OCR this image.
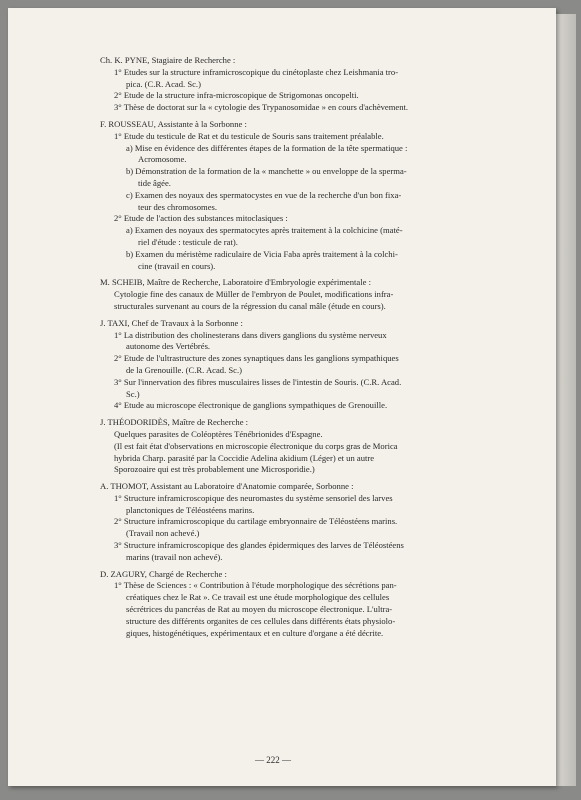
Ch. K. PYNE, Stagiaire de Recherche :
1° Etudes sur la structure inframicroscopique du cinétoplaste chez Leishmania tro-
pica. (C.R. Acad. Sc.)
2° Etude de la structure infra-microscopique de Strigomonas oncopelti.
3° Thèse de doctorat sur la « cytologie des Trypanosomidae » en cours d'achèvement.
F. ROUSSEAU, Assistante à la Sorbonne :
1° Etude du testicule de Rat et du testicule de Souris sans traitement préalable.
a) Mise en évidence des différentes étapes de la formation de la tête spermatique :
Acromosome.
b) Démonstration de la formation de la « manchette » ou enveloppe de la sperma-
tide âgée.
c) Examen des noyaux des spermatocystes en vue de la recherche d'un bon fixa-
teur des chromosomes.
2° Etude de l'action des substances mitoclasiques :
a) Examen des noyaux des spermatocytes après traitement à la colchicine (maté-
riel d'étude : testicule de rat).
b) Examen du méristème radiculaire de Vicia Faba après traitement à la colchi-
cine (travail en cours).
M. SCHEIB, Maître de Recherche, Laboratoire d'Embryologie expérimentale :
Cytologie fine des canaux de Müller de l'embryon de Poulet, modifications infra-
structurales survenant au cours de la régression du canal mâle (étude en cours).
J. TAXI, Chef de Travaux à la Sorbonne :
1° La distribution des cholinesterans dans divers ganglions du système nerveux
autonome des Vertébrés.
2° Etude de l'ultrastructure des zones synaptiques dans les ganglions sympathiques
de la Grenouille. (C.R. Acad. Sc.)
3° Sur l'innervation des fibres musculaires lisses de l'intestin de Souris. (C.R. Acad.
Sc.)
4° Etude au microscope électronique de ganglions sympathiques de Grenouille.
J. THÉODORIDÈS, Maître de Recherche :
Quelques parasites de Coléoptères Ténébrionides d'Espagne.
(Il est fait état d'observations en microscopie électronique du corps gras de Morica
hybrida Charp. parasité par la Coccidie Adelina akidium (Léger) et un autre
Sporozoaire qui est très probablement une Microsporidie.)
A. THOMOT, Assistant au Laboratoire d'Anatomie comparée, Sorbonne :
1° Structure inframicroscopique des neuromastes du système sensoriel des larves
planctoniques de Téléostéens marins.
2° Structure inframicroscopique du cartilage embryonnaire de Téléostéens marins.
(Travail non achevé.)
3° Structure inframicroscopique des glandes épidermiques des larves de Téléostéens
marins (travail non achevé).
D. ZAGURY, Chargé de Recherche :
1° Thèse de Sciences : « Contribution à l'étude morphologique des sécrétions pan-
créatiques chez le Rat ». Ce travail est une étude morphologique des cellules
sécrétrices du pancréas de Rat au moyen du microscope électronique. L'ultra-
structure des différents organites de ces cellules dans différents états physiolo-
giques, histogénétiques, expérimentaux et en culture d'organe a été décrite.
— 222 —
